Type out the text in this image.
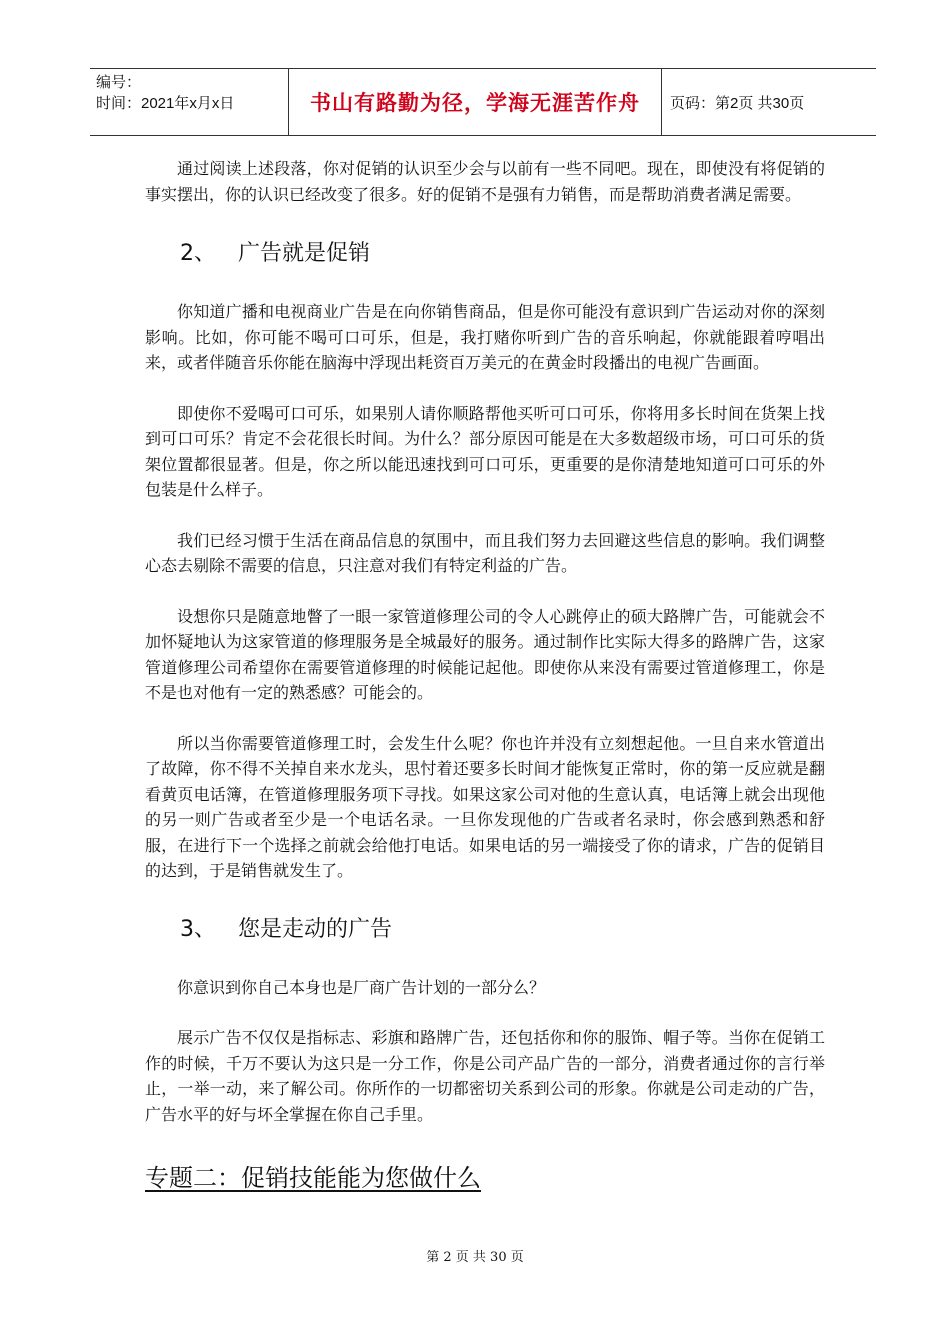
编号：
时间：2021年x月x日	书山有路勤为径，学海无涯苦作舟 页码：第2页 共30页

通过阅读上述段落，你对促销的认识至少会与以前有一些不同吧。现在，即使没有将促销的事实摆出，你的认识已经改变了很多。好的促销不是强有力销售，而是帮助消费者满足需要。

2、 广告就是促销

你知道广播和电视商业广告是在向你销售商品，但是你可能没有意识到广告运动对你的深刻影响。比如，你可能不喝可口可乐，但是，我打赌你听到广告的音乐响起，你就能跟着哼唱出来，或者伴随音乐你能在脑海中浮现出耗资百万美元的在黄金时段播出的电视广告画面。

即使你不爱喝可口可乐，如果别人请你顺路帮他买听可口可乐，你将用多长时间在货架上找到可口可乐？肯定不会花很长时间。为什么？部分原因可能是在大多数超级市场，可口可乐的货架位置都很显著。但是，你之所以能迅速找到可口可乐，更重要的是你清楚地知道可口可乐的外包装是什么样子。

我们已经习惯于生活在商品信息的氛围中，而且我们努力去回避这些信息的影响。我们调整心态去剔除不需要的信息，只注意对我们有特定利益的广告。

设想你只是随意地瞥了一眼一家管道修理公司的令人心跳停止的硕大路牌广告，可能就会不加怀疑地认为这家管道的修理服务是全城最好的服务。通过制作比实际大得多的路牌广告，这家管道修理公司希望你在需要管道修理的时候能记起他。即使你从来没有需要过管道修理工，你是不是也对他有一定的熟悉感？可能会的。

所以当你需要管道修理工时，会发生什么呢？你也许并没有立刻想起他。一旦自来水管道出了故障，你不得不关掉自来水龙头，思忖着还要多长时间才能恢复正常时，你的第一反应就是翻看黄页电话簿，在管道修理服务项下寻找。如果这家公司对他的生意认真，电话簿上就会出现他的另一则广告或者至少是一个电话名录。一旦你发现他的广告或者名录时，你会感到熟悉和舒服，在进行下一个选择之前就会给他打电话。如果电话的另一端接受了你的请求，广告的促销目的达到，于是销售就发生了。

3、 您是走动的广告

你意识到你自己本身也是厂商广告计划的一部分么？

展示广告不仅仅是指标志、彩旗和路牌广告，还包括你和你的服饰、帽子等。当你在促销工作的时候，千万不要认为这只是一分工作，你是公司产品广告的一部分，消费者通过你的言行举止，一举一动，来了解公司。你所作的一切都密切关系到公司的形象。你就是公司走动的广告，广告水平的好与坏全掌握在你自己手里。

专题二：促销技能能为您做什么
第 2 页 共 30 页
